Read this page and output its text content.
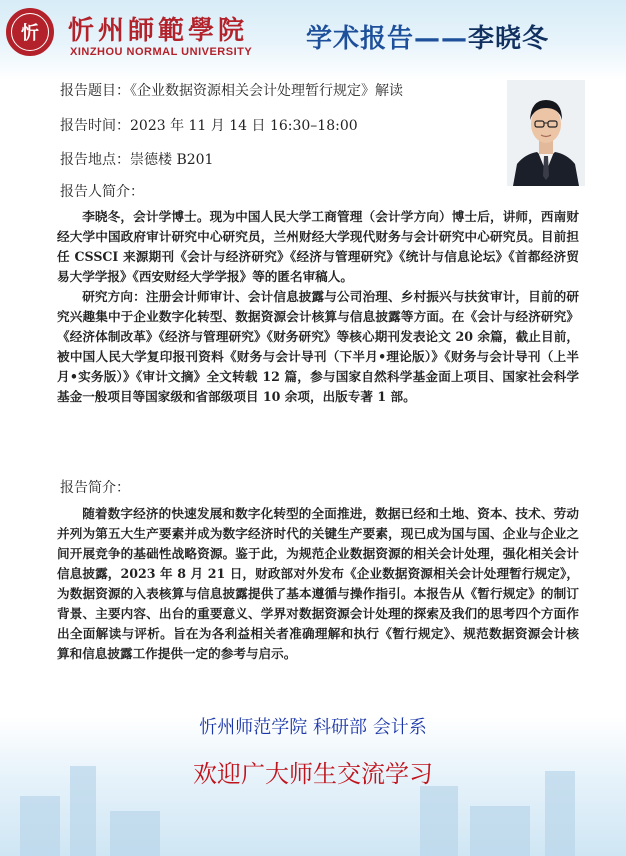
忻	忻州師範學院
XINZHOU NORMAL UNIVERSITY 学术报告——李晓冬
报告题目：《企业数据资源相关会计处理暂行规定》解读
报告时间：2023 年 11 月 14 日 16:30–18:00
报告地点：崇德楼 B201
报告人简介：

李晓冬，会计学博士。现为中国人民大学工商管理（会计学方向）博士后，讲师，西南财经大学中国政府审计研究中心研究员，兰州财经大学现代财务与会计研究中心研究员。目前担任 CSSCI 来源期刊《会计与经济研究》《经济与管理研究》《统计与信息论坛》《首都经济贸易大学学报》《西安财经大学学报》等的匿名审稿人。

研究方向：注册会计师审计、会计信息披露与公司治理、乡村振兴与扶贫审计，目前的研究兴趣集中于企业数字化转型、数据资源会计核算与信息披露等方面。在《会计与经济研究》《经济体制改革》《经济与管理研究》《财务研究》等核心期刊发表论文 20 余篇，截止目前，被中国人民大学复印报刊资料《财务与会计导刊（下半月•理论版）》《财务与会计导刊（上半月•实务版）》《审计文摘》全文转载 12 篇，参与国家自然科学基金面上项目、国家社会科学基金一般项目等国家级和省部级项目 10 余项，出版专著 1 部。

报告简介：

随着数字经济的快速发展和数字化转型的全面推进，数据已经和土地、资本、技术、劳动并列为第五大生产要素并成为数字经济时代的关键生产要素，现已成为国与国、企业与企业之间开展竞争的基础性战略资源。鉴于此，为规范企业数据资源的相关会计处理，强化相关会计信息披露，2023 年 8 月 21 日，财政部对外发布《企业数据资源相关会计处理暂行规定》，为数据资源的入表核算与信息披露提供了基本遵循与操作指引。本报告从《暂行规定》的制订背景、主要内容、出台的重要意义、学界对数据资源会计处理的探索及我们的思考四个方面作出全面解读与评析。旨在为各利益相关者准确理解和执行《暂行规定》、规范数据资源会计核算和信息披露工作提供一定的参考与启示。

忻州师范学院 科研部 会计系
欢迎广大师生交流学习
